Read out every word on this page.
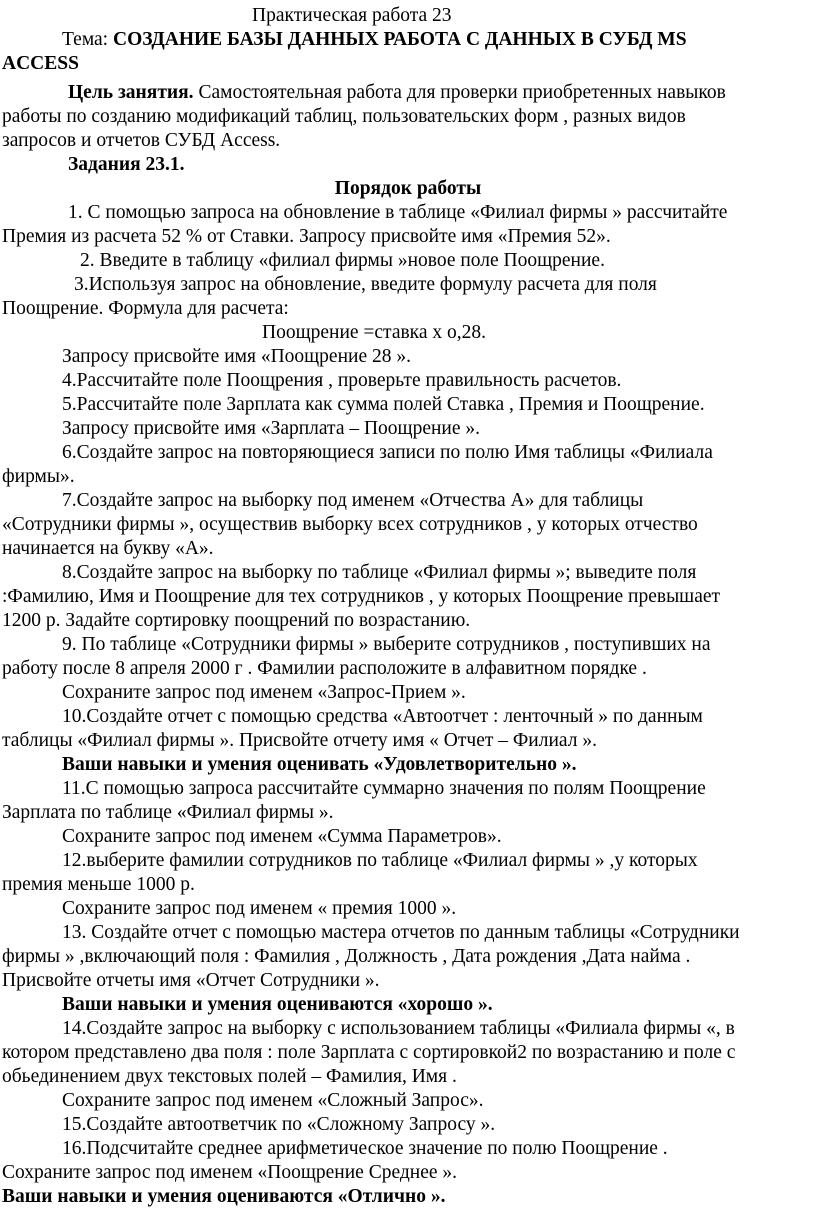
Практическая работа 23
Тема: СОЗДАНИЕ БАЗЫ ДАННЫХ РАБОТА С ДАННЫХ В СУБД MS
ACCESS
Цель занятия. Самостоятельная работа для проверки приобретенных навыков
работы по созданию модификаций таблиц, пользовательских форм , разных видов
запросов и отчетов СУБД Access.
Задания 23.1.
Порядок работы
1. С помощью запроса на обновление в таблице «Филиал фирмы » рассчитайте
Премия из расчета 52 % от Ставки. Запросу присвойте имя «Премия 52».
2. Введите в таблицу «филиал фирмы »новое поле Поощрение.
3.Используя запрос на обновление, введите формулу расчета для поля
Поощрение. Формула для расчета:
Поощрение =ставка х о,28.
Запросу присвойте имя «Поощрение 28 ».
4.Рассчитайте поле Поощрения , проверьте правильность расчетов.
5.Рассчитайте поле Зарплата как сумма полей Ставка , Премия и Поощрение.
Запросу присвойте имя «Зарплата – Поощрение ».
6.Создайте запрос на повторяющиеся записи по полю Имя таблицы «Филиала
фирмы».
7.Создайте запрос на выборку под именем «Отчества А» для таблицы
«Сотрудники фирмы », осуществив выборку всех сотрудников , у которых отчество
начинается на букву «А».
8.Создайте запрос на выборку по таблице «Филиал фирмы »; выведите поля
:Фамилию, Имя и Поощрение для тех сотрудников , у которых Поощрение превышает
1200 р. Задайте сортировку поощрений по возрастанию.
9. По таблице «Сотрудники фирмы » выберите сотрудников , поступивших на
работу после 8 апреля 2000 г . Фамилии расположите в алфавитном порядке .
Сохраните запрос под именем «Запрос-Прием ».
10.Создайте отчет с помощью средства «Автоотчет : ленточный » по данным
таблицы «Филиал фирмы ». Присвойте отчету имя « Отчет – Филиал ».
Ваши навыки и умения оценивать «Удовлетворительно ».
11.С помощью запроса рассчитайте суммарно значения по полям Поощрение
Зарплата по таблице «Филиал фирмы ».
Сохраните запрос под именем «Сумма Параметров».
12.выберите фамилии сотрудников по таблице «Филиал фирмы » ,у которых
премия меньше 1000 р.
Сохраните запрос под именем « премия 1000 ».
13. Создайте отчет с помощью мастера отчетов по данным таблицы «Сотрудники
фирмы » ,включающий поля : Фамилия , Должность , Дата рождения ,Дата найма .
Присвойте отчеты имя «Отчет Сотрудники ».
Ваши навыки и умения оцениваются «хорошо ».
14.Создайте запрос на выборку с использованием таблицы «Филиала фирмы «, в
котором представлено два поля : поле Зарплата с сортировкой2 по возрастанию и поле с
обьединением двух текстовых полей – Фамилия, Имя .
Сохраните запрос под именем «Сложный Запрос».
15.Создайте автоответчик по «Сложному Запросу ».
16.Подсчитайте среднее арифметическое значение по полю Поощрение .
Сохраните запрос под именем «Поощрение Среднее ».
Ваши навыки и умения оцениваются «Отлично ».
